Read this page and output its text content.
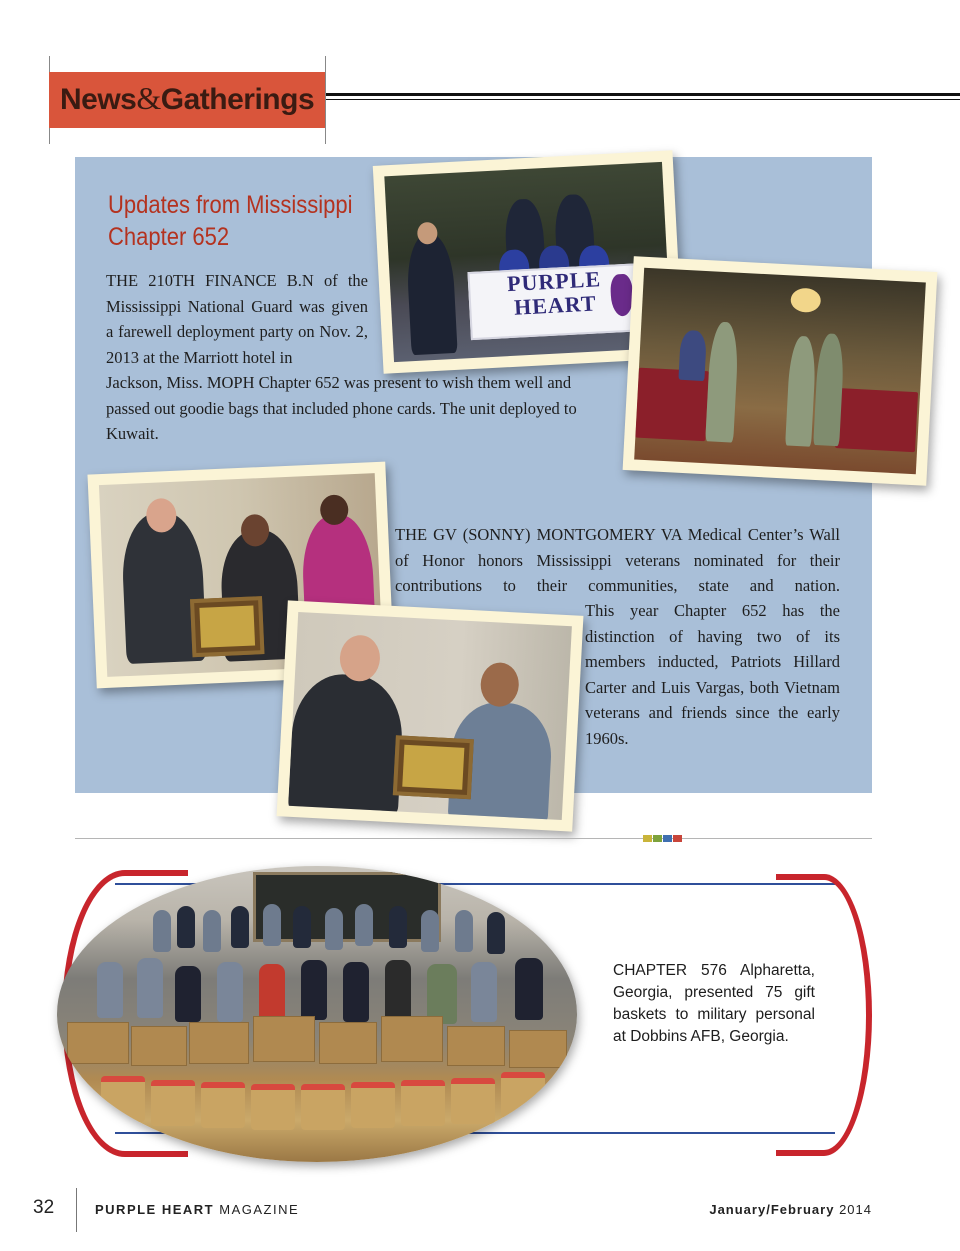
News&Gatherings
Updates from Mississippi
Chapter 652
THE 210TH FINANCE B.N of the Mississippi National Guard was given a farewell deployment party on Nov. 2, 2013 at the Marriott hotel in
Jackson, Miss. MOPH Chapter 652 was present to wish them well and passed out goodie bags that included phone cards. The unit deployed to Kuwait.
PURPLE
HEART
THE GV (SONNY) MONTGOMERY VA Medical Center’s Wall of Honor honors Mississippi veterans nominated for their contributions to their communities, state and nation.
This year Chapter 652 has the distinction of having two of its members inducted, Patriots Hillard Carter and Luis Vargas, both Vietnam veterans and friends since the early 1960s.
CHAPTER 576 Alpharetta, Georgia, presented 75 gift baskets to military personal at Dobbins AFB, Georgia.
32	PURPLE HEART MAGAZINE	January/February 2014
